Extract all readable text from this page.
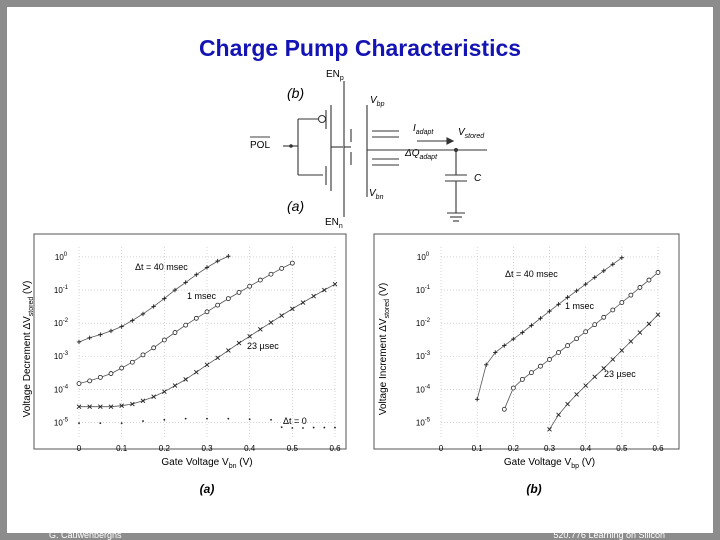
Charge Pump Characteristics
(b)
(a)
$EN_p$
$EN_n$
POL
$V_{bp}$
$V_{bn}$
$I_{adapt}$ $V_{stored}$
$\Delta Q_{adapt}$
C
0	0.1	0.2	0.3	0.4	0.5	0.6
$10^0$
$10^{-1}$
$10^{-2}$
$10^{-3}$
$10^{-4}$
$10^{-5}$
Gate Voltage $V_{bn}$ (V)
Voltage Decrement $\Delta V_{stored}$ (V)
(a)
Δt = 40 msec
1 msec
23 µsec
Δt = 0
0	0.1	0.2	0.3	0.4	0.5	0.6
$10^0$
$10^{-1}$
$10^{-2}$
$10^{-3}$
$10^{-4}$
$10^{-5}$
Gate Voltage $V_{bp}$ (V)
Voltage Increment $\Delta V_{stored}$ (V)
(b)
Δt = 40 msec
1 msec
23 µsec
G. Cauwenberghs	520.776 Learning on Silicon
